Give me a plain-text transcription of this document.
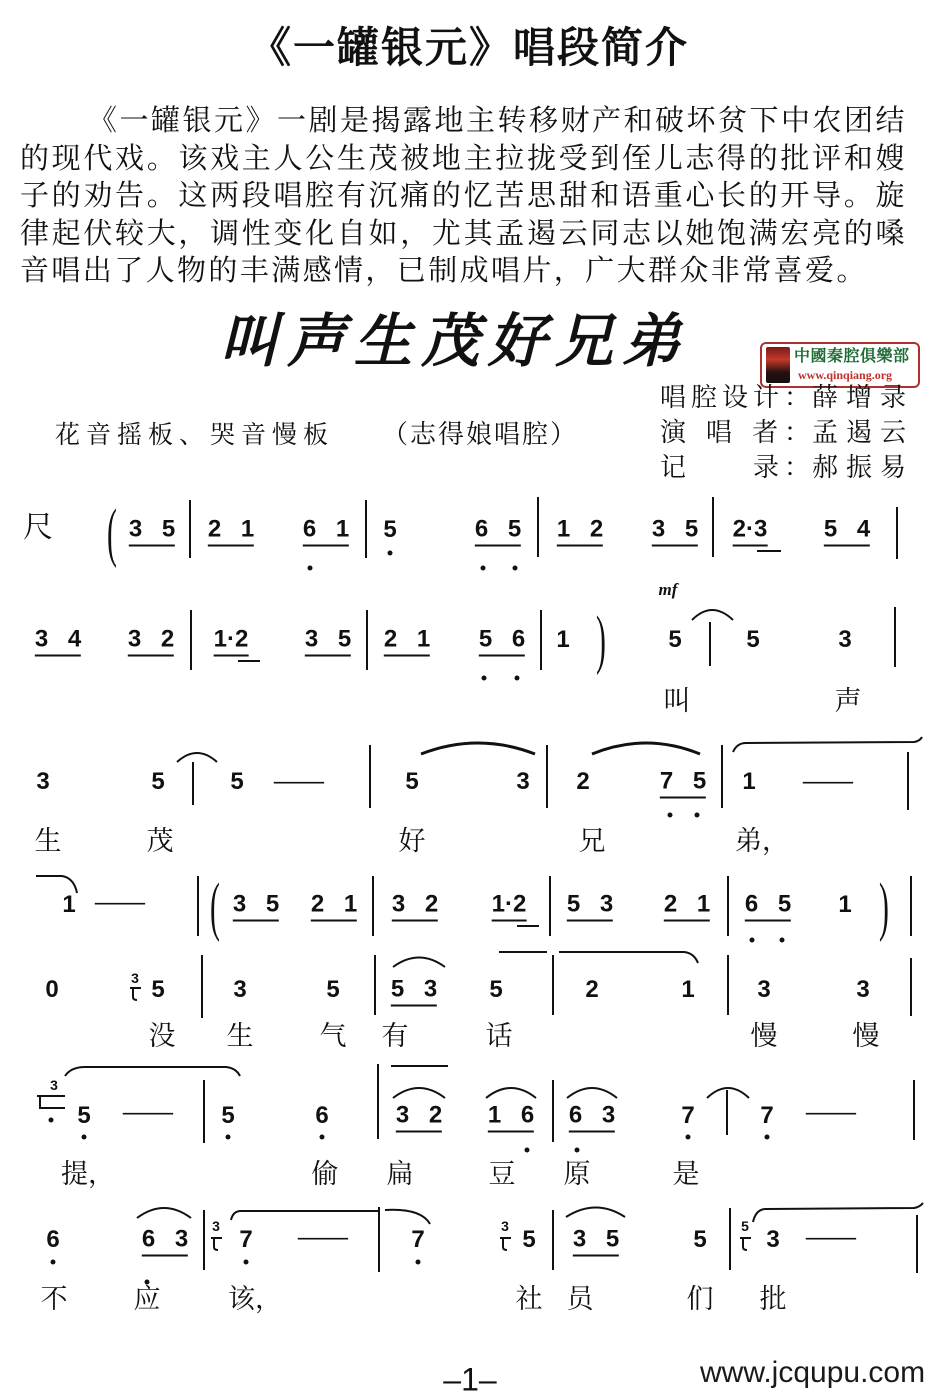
《一罐银元》唱段简介
《一罐银元》一剧是揭露地主转移财产和破坏贫下中农团结
的现代戏。该戏主人公生茂被地主拉拢受到侄儿志得的批评和嫂
子的劝告。这两段唱腔有沉痛的忆苦思甜和语重心长的开导。旋
律起伏较大，调性变化自如，尤其孟遏云同志以她饱满宏亮的嗓
音唱出了人物的丰满感情，已制成唱片，广大群众非常喜爱。
叫声生茂好兄弟	中國秦腔俱樂部
www.qinqiang.org
唱腔设计： 薛增录
演 唱 者： 孟遏云
记　　录： 郝振易
花音摇板、哭音慢板 （志得娘唱腔）
尺 ( 3 5 2 1 6 1 5	6 5 1 2 3 5 2·3 5 4
3 4 3 2 1·2 3 5 2 1 5 6 1 )
mf
5	5	3
叫	声
3	5	5 —	5	3 2	7 5 1 —
生	茂	好	兄	弟，
1 — ( 3 5 2 1 3 2 1·2 5 3 2 1 6 5 1 )
0	3 5	3	5 5 3 5	2	1	3	3
没 生 气 有	话	慢	慢
3
5 — 5	6	3 2 1 6 6 3	7	7 —
提，	偷 扁	豆 原	是
6	6 3 3 7 —	7	3 5 3 5	5 5 3 —
不 应	该，	社 员	们 批
–1–	www.jcqupu.com
